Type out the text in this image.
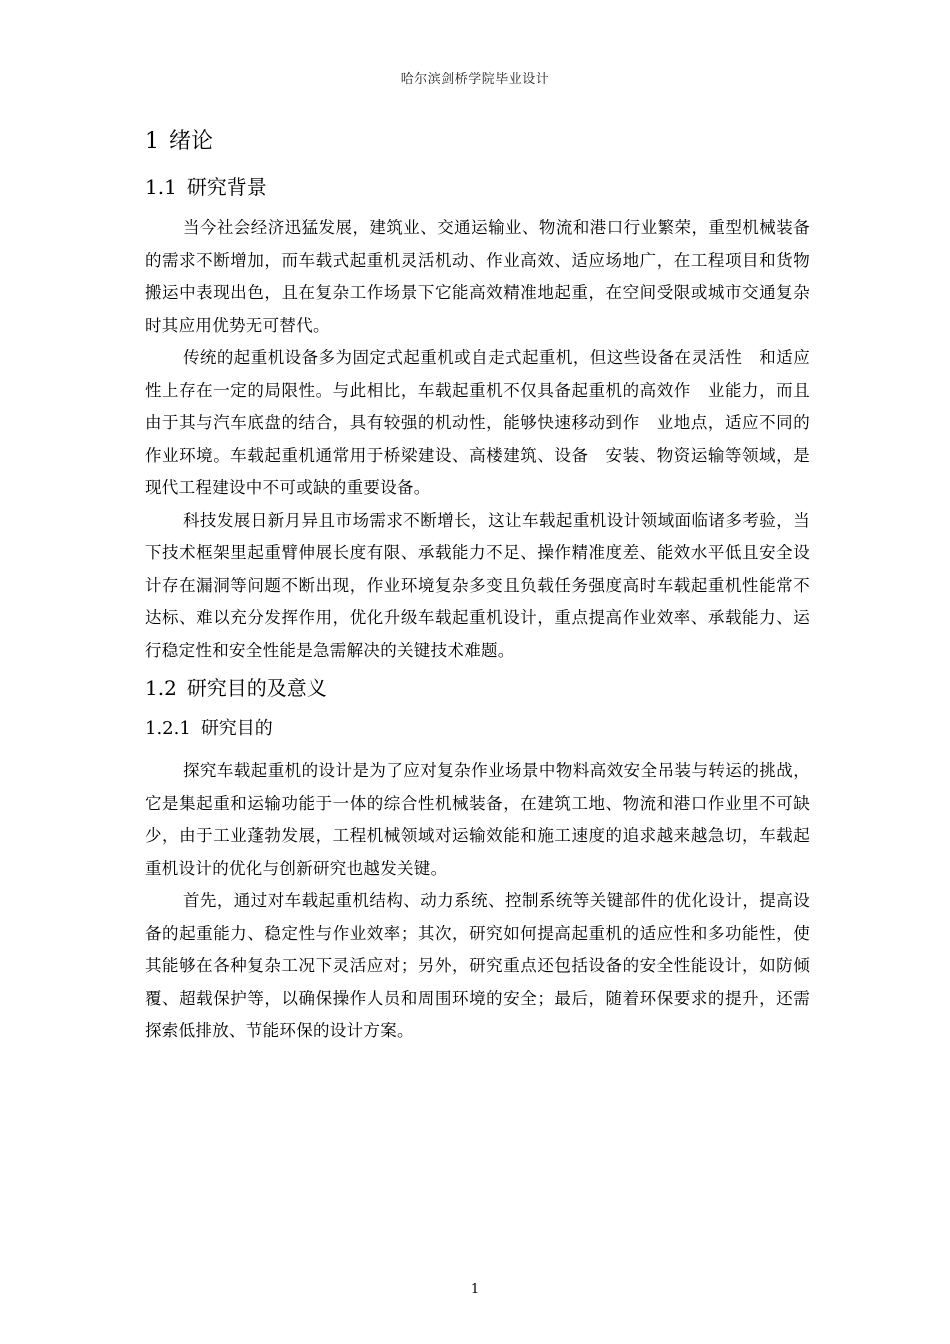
哈尔滨剑桥学院毕业设计
1 绪论
1.1 研究背景

当今社会经济迅猛发展，建筑业、交通运输业、物流和港口行业繁荣，重型机械装备的需求不断增加，而车载式起重机灵活机动、作业高效、适应场地广，在工程项目和货物搬运中表现出色，且在复杂工作场景下它能高效精准地起重，在空间受限或城市交通复杂时其应用优势无可替代。

传统的起重机设备多为固定式起重机或自走式起重机，但这些设备在灵活性　和适应性上存在一定的局限性。与此相比，车载起重机不仅具备起重机的高效作　业能力，而且由于其与汽车底盘的结合，具有较强的机动性，能够快速移动到作　业地点，适应不同的作业环境。车载起重机通常用于桥梁建设、高楼建筑、设备　安装、物资运输等领域，是现代工程建设中不可或缺的重要设备。

科技发展日新月异且市场需求不断增长，这让车载起重机设计领域面临诸多考验，当下技术框架里起重臂伸展长度有限、承载能力不足、操作精准度差、能效水平低且安全设计存在漏洞等问题不断出现，作业环境复杂多变且负载任务强度高时车载起重机性能常不达标、难以充分发挥作用，优化升级车载起重机设计，重点提高作业效率、承载能力、运行稳定性和安全性能是急需解决的关键技术难题。

1.2 研究目的及意义
1.2.1 研究目的

探究车载起重机的设计是为了应对复杂作业场景中物料高效安全吊装与转运的挑战，它是集起重和运输功能于一体的综合性机械装备，在建筑工地、物流和港口作业里不可缺少，由于工业蓬勃发展，工程机械领域对运输效能和施工速度的追求越来越急切，车载起重机设计的优化与创新研究也越发关键。

首先，通过对车载起重机结构、动力系统、控制系统等关键部件的优化设计，提高设备的起重能力、稳定性与作业效率；其次，研究如何提高起重机的适应性和多功能性，使其能够在各种复杂工况下灵活应对；另外，研究重点还包括设备的安全性能设计，如防倾覆、超载保护等，以确保操作人员和周围环境的安全；最后，随着环保要求的提升，还需探索低排放、节能环保的设计方案。

1
